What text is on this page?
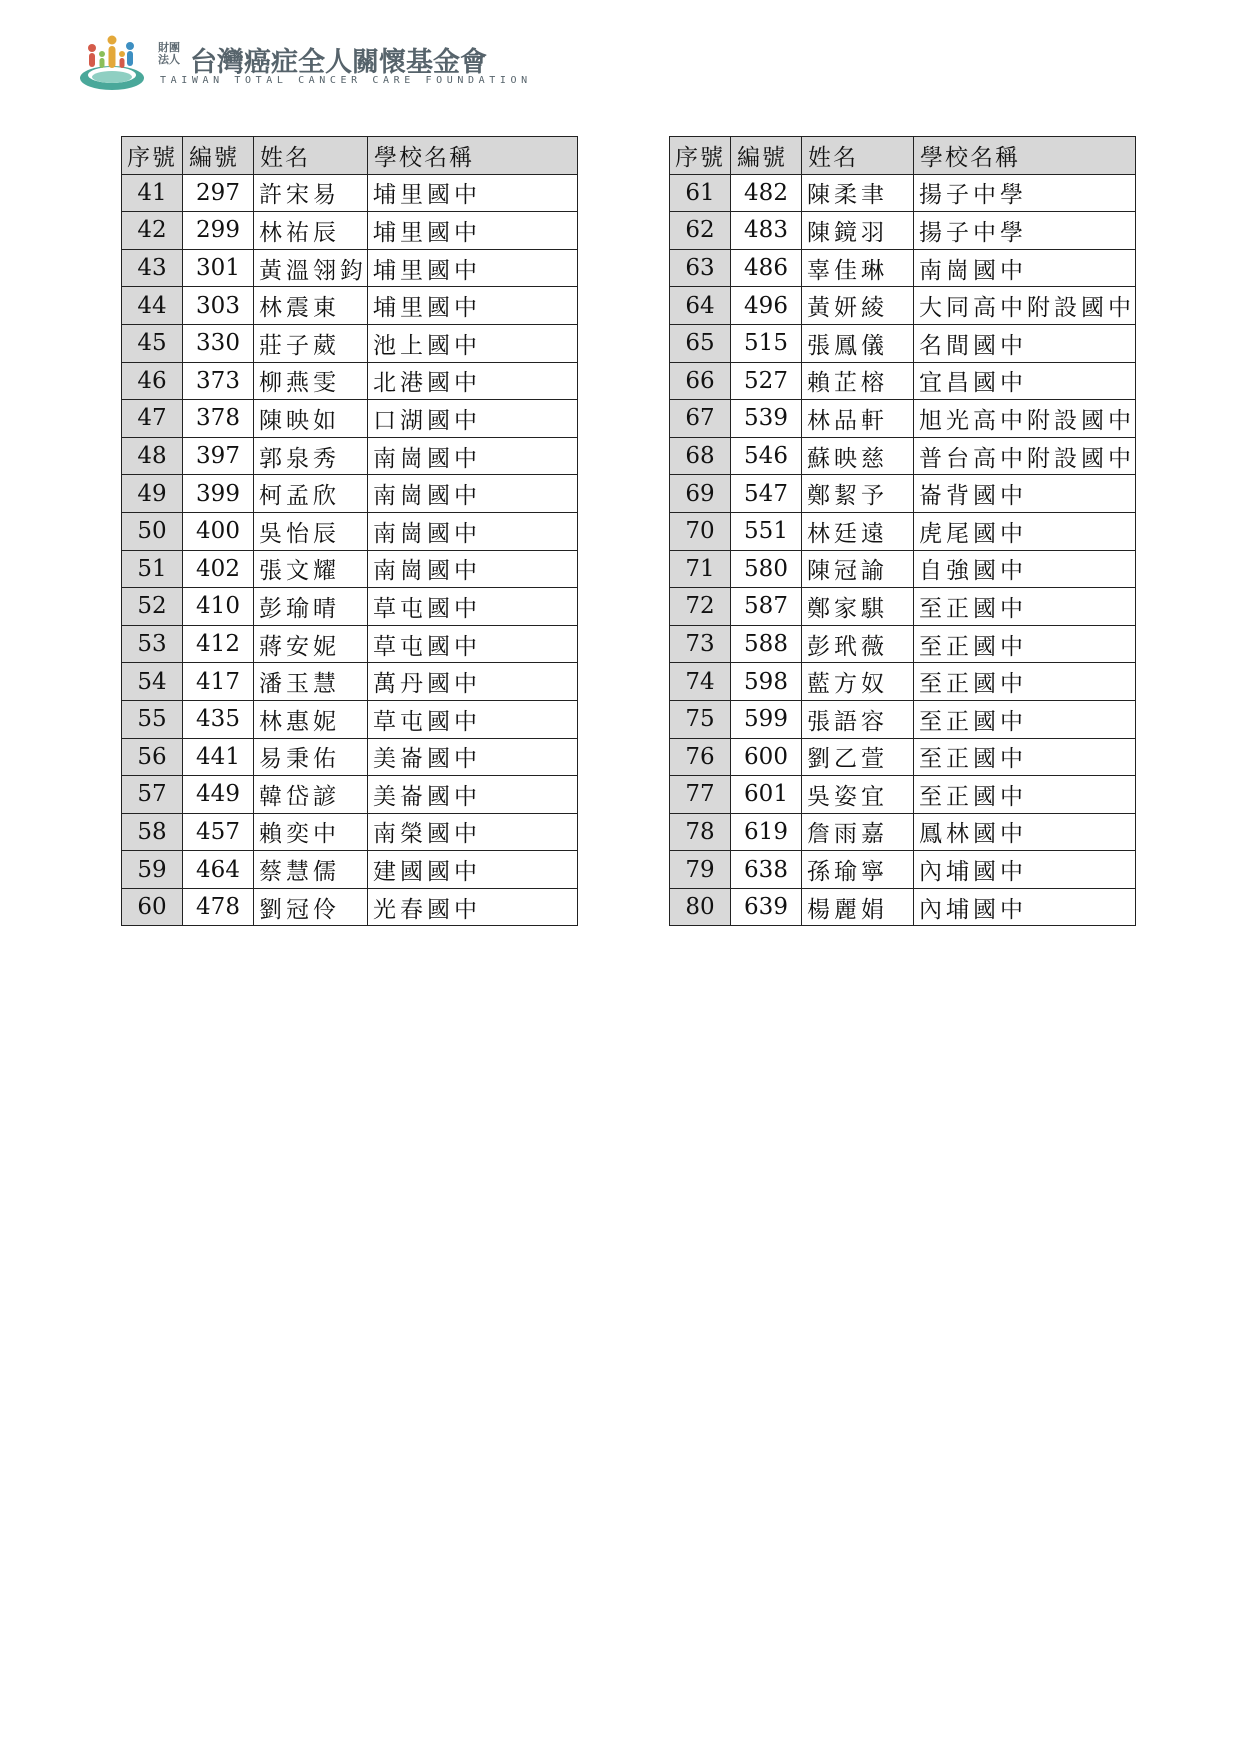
財團法人 台灣癌症全人關懷基金會
TAIWAN TOTAL CANCER CARE FOUNDATION
序號	編號	姓名	學校名稱
41	297	許宋易	埔里國中
42	299	林祐辰	埔里國中
43	301	黃溫翎鈞	埔里國中
44	303	林震東	埔里國中
45	330	莊子葳	池上國中
46	373	柳燕雯	北港國中
47	378	陳映如	口湖國中
48	397	郭泉秀	南崗國中
49	399	柯孟欣	南崗國中
50	400	吳怡辰	南崗國中
51	402	張文耀	南崗國中
52	410	彭瑜晴	草屯國中
53	412	蔣安妮	草屯國中
54	417	潘玉慧	萬丹國中
55	435	林惠妮	草屯國中
56	441	易秉佑	美崙國中
57	449	韓岱諺	美崙國中
58	457	賴奕中	南榮國中
59	464	蔡慧儒	建國國中
60	478	劉冠伶	光春國中
序號	編號	姓名	學校名稱
61	482	陳柔聿	揚子中學
62	483	陳鏡羽	揚子中學
63	486	辜佳琳	南崗國中
64	496	黃妍綾	大同高中附設國中
65	515	張鳳儀	名間國中
66	527	賴芷榕	宜昌國中
67	539	林品軒	旭光高中附設國中
68	546	蘇映慈	普台高中附設國中
69	547	鄭絜予	崙背國中
70	551	林廷遠	虎尾國中
71	580	陳冠諭	自強國中
72	587	鄭家騏	至正國中
73	588	彭玳薇	至正國中
74	598	藍方奴	至正國中
75	599	張語容	至正國中
76	600	劉乙萱	至正國中
77	601	吳姿宜	至正國中
78	619	詹雨嘉	鳳林國中
79	638	孫瑜寧	內埔國中
80	639	楊麗娟	內埔國中
